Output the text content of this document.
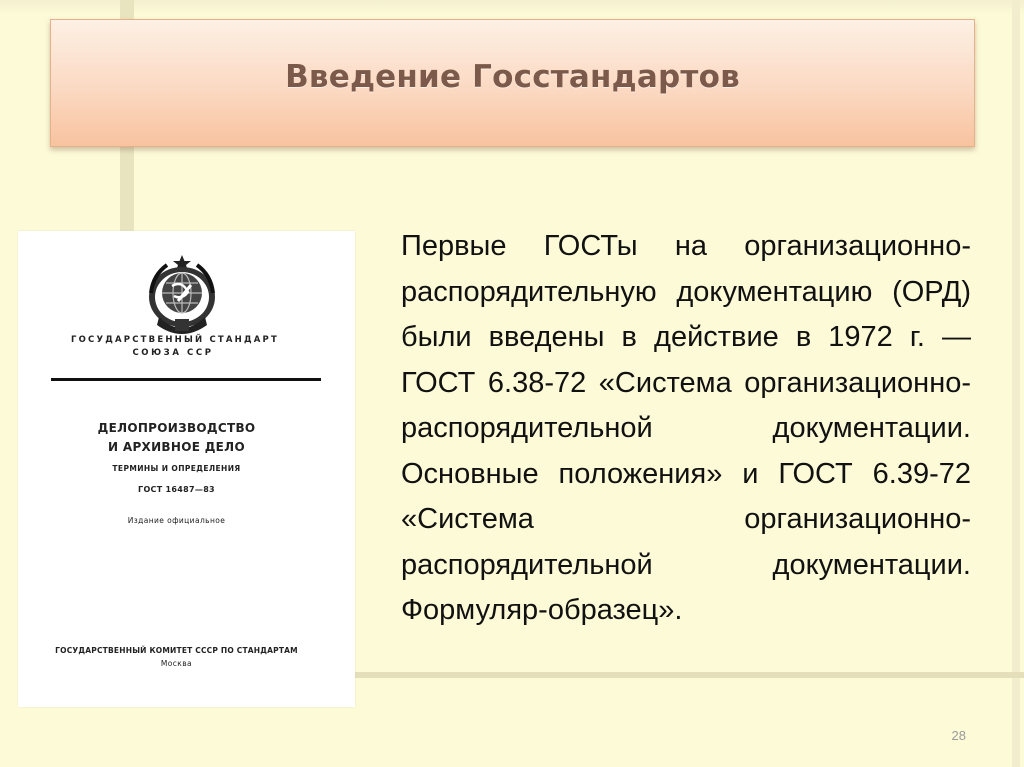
Введение Госстандартов
ГОСУДАРСТВЕННЫЙ СТАНДАРТ
СОЮЗА ССР
ДЕЛОПРОИЗВОДСТВО
И АРХИВНОЕ ДЕЛО
ТЕРМИНЫ И ОПРЕДЕЛЕНИЯ
ГОСТ 16487—83
Издание официальное
ГОСУДАРСТВЕННЫЙ КОМИТЕТ СССР ПО СТАНДАРТАМ
Москва
Первые ГОСТы на организационно-распорядительную документацию (ОРД) были введены в действие в 1972 г. — ГОСТ 6.38-72 «Система организационно-распорядительной документации. Основные положения» и ГОСТ 6.39-72 «Система организационно-распорядительной документации. Формуляр-образец».
28
